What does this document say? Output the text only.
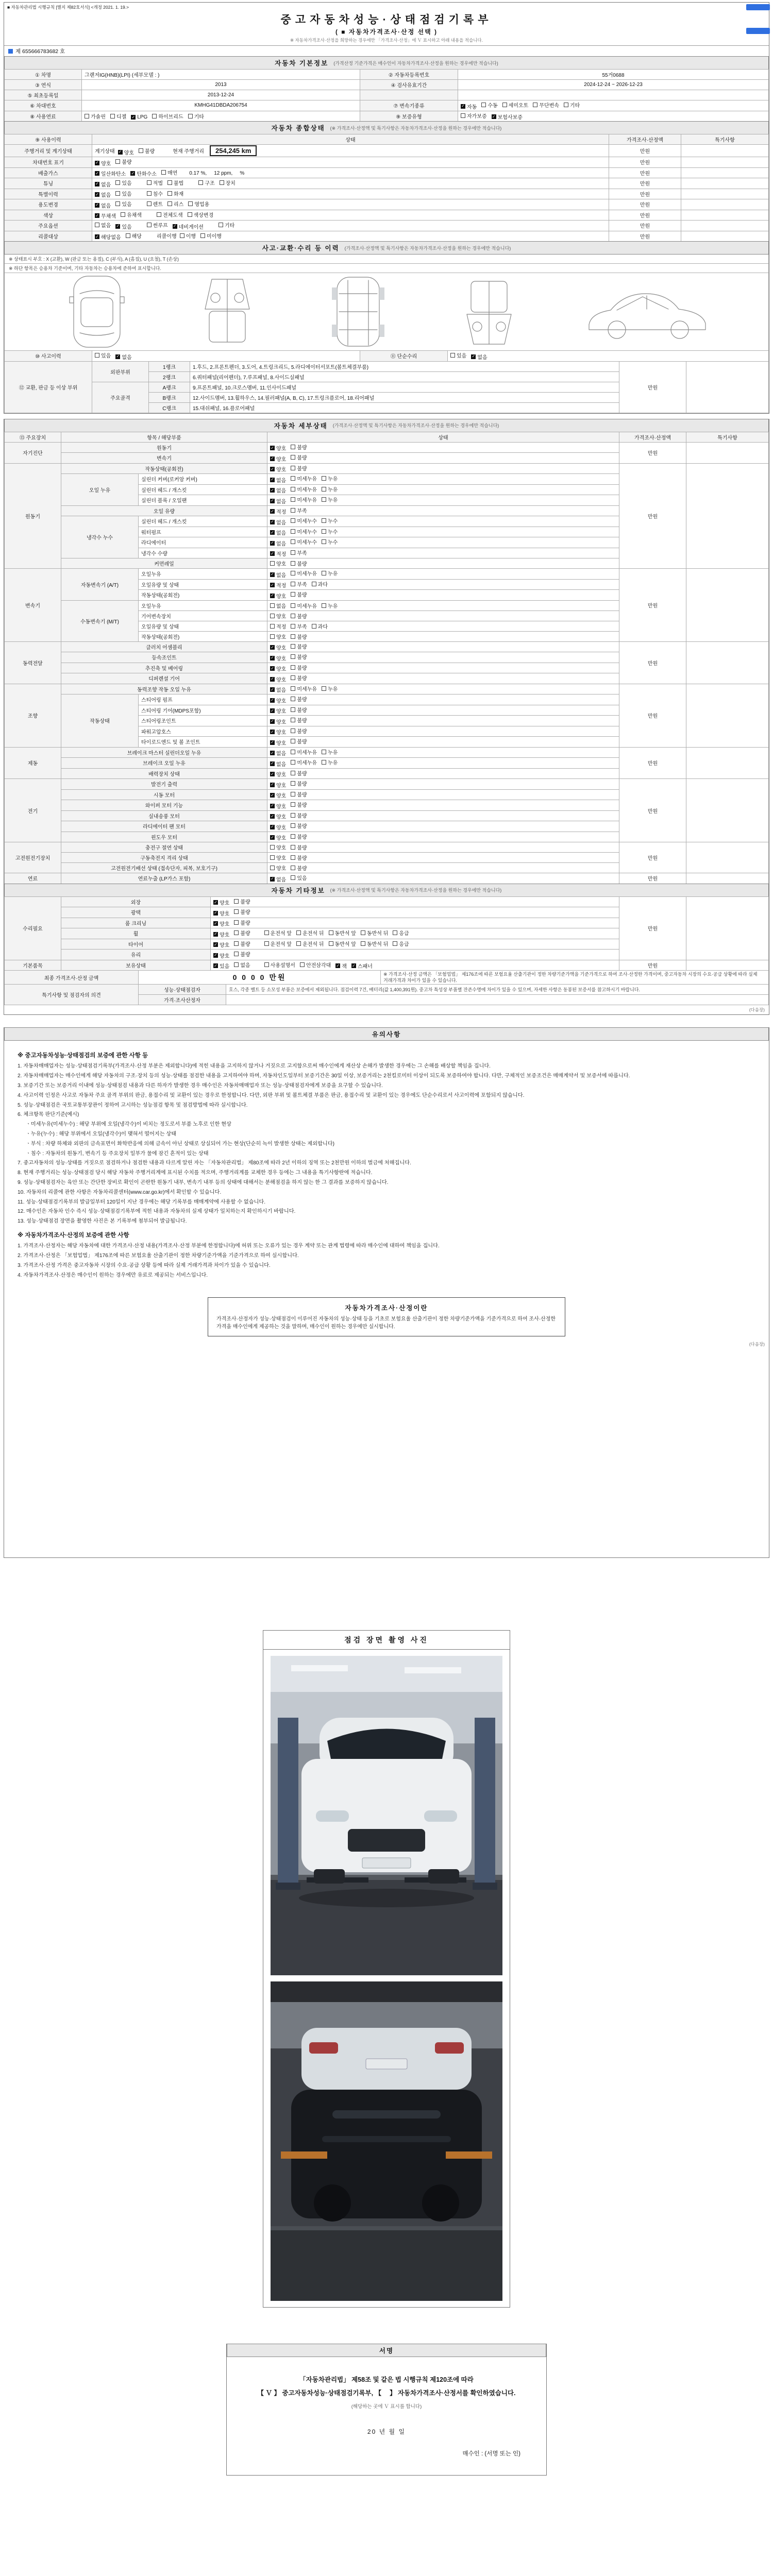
■ 자동차관리법 시행규칙 [별지 제82호서식] <개정 2021. 1. 19.>
중고자동차성능·상태점검기록부
( ■ 자동차가격조사·산정 선택 )
※ 자동차가격조사·산정을 희망하는 경우에만 「가격조사·산정」에 Ｖ 표시하고 아래 내용을 적습니다.
제 655666783682 호
자동차 기본정보 (가격산정 기준가격은 매수인이 자동차가격조사·산정을 원하는 경우에만 적습니다)
① 차명	그랜저IG(HNB)(LPI) (세부모델 : )	② 자동차등록번호	55거0688
③ 연식	2013	④ 검사유효기간	2024-12-24 ~ 2026-12-23
⑤ 최초등록일	2013-12-24		
⑥ 차대번호	KMHG41DBDA206754	⑦ 변속기종류	✓ 자동 수동 세미오토 무단변속 기타

⑧ 사용연료	가솔린 디젤 ✓ LPG 하이브리드 기타	⑨ 보증유형	자가보증 ✓ 보험사보증
자동차 종합상태 (※ 가격조사·산정액 및 특기사항은 자동차가격조사·산정을 원하는 경우에만 적습니다)
⑨ 사용이력	상태	가격조사·산정액	특기사항
주행거리 및 계기상태	계기상태 ✓ 양호 불량 현재 주행거리 254,245 km	만원	
차대번호 표기	✓ 양호 불량	만원	
배출가스	✓ 일산화탄소 ✓ 탄화수소 매연 0.17 %, 12 ppm, %	만원	
튜닝	✓ 없음 있음	적법 불법	구조 장치	만원	
특별이력	✓ 없음 있음 침수 화재	만원	
용도변경	✓ 없음 있음	렌트 리스 영업용	만원	
색상	✓ 무채색 유채색 전체도색 색상변경	만원	
주요옵션	없음 ✓ 있음	썬루프 ✓ 네비게이션	기타	만원	
리콜대상	✓ 해당없음 해당	리콜이행 이행 미이행	만원	
사고·교환·수리 등 이력 (가격조사·산정액 및 특기사항은 자동차가격조사·산정을 원하는 경우에만 적습니다)
※ 상태표시 부호 : X (교환), W (판금 또는 용접), C (부식), A (흠집), U (요철), T (손상)
※ 하단 항목은 승용차 기준이며, 기타 자동차는 승용차에 준하여 표시합니다.
⑩ 사고이력	있음 ✓ 없음	⑪ 단순수리	있음 ✓ 없음
⑫ 교환, 판금 등 이상 부위	외판부위	1랭크	1.후드, 2.프론트펜더, 3.도어, 4.트렁크리드, 5.라디에이터서포트(볼트체결부품)	만원	
		2랭크	6.쿼터패널(리어펜더), 7.루프패널, 8.사이드실패널		
	주요골격	A랭크	9.프론트패널, 10.크로스멤버, 11.인사이드패널		
		B랭크	12.사이드멤버, 13.휠하우스, 14.필러패널(A, B, C), 17.트렁크플로어, 18.리어패널		
		C랭크	15.대쉬패널, 16.플로어패널		
자동차 세부상태 (가격조사·산정액 및 특기사항은 자동차가격조사·산정을 원하는 경우에만 적습니다)
⑬ 주요장치	항목 / 해당부품		상태	가격조사·산정액	특기사항
자기진단	원동기		✓ 양호 불량	만원	
	변속기		✓ 양호 불량		

원동기	작동상태(공회전)		✓ 양호 불량	만원	
	오일 누유	실린더 커버(로커암 커버)	✓ 없음 미세누유 누유		

		실린더 헤드 / 개스킷	✓ 없음 미세누유 누유		

		실린더 블록 / 오일팬	✓ 없음 미세누유 누유		

	오일 유량		✓ 적정 부족		

	냉각수 누수	실린더 헤드 / 개스킷	✓ 없음 미세누수 누수		

		워터펌프	✓ 없음 미세누수 누수		

		라디에이터	✓ 없음 미세누수 누수		

		냉각수 수량	✓ 적정 부족		

	커먼레일		양호 불량		

변속기	자동변속기 (A/T)	오일누유	✓ 없음 미세누유 누유	만원	
		오일유량 및 상태	✓ 적정 부족 과다		

		작동상태(공회전)	✓ 양호 불량		

	수동변속기 (M/T)	오일누유	없음 미세누유 누유		

		기어변속장치	양호 불량		

		오일유량 및 상태	적정 부족 과다		

		작동상태(공회전)	양호 불량		

동력전달	클러치 어셈블리		✓ 양호 불량	만원	
	등속조인트		✓ 양호 불량		

	추진축 및 베어링		✓ 양호 불량		

	디퍼렌셜 기어		✓ 양호 불량		

조향	동력조향 작동 오일 누유		✓ 없음 미세누유 누유	만원	
	작동상태	스티어링 펌프	✓ 양호 불량		

		스티어링 기어(MDPS포함)	✓ 양호 불량		

		스티어링조인트	✓ 양호 불량		

		파워고압호스	✓ 양호 불량		

		타이로드엔드 및 볼 조인트	✓ 양호 불량		

제동	브레이크 마스터 실린더오일 누유		✓ 없음 미세누유 누유	만원	
	브레이크 오일 누유		✓ 없음 미세누유 누유		

	배력장치 상태		✓ 양호 불량		

전기	발전기 출력		✓ 양호 불량	만원	
	시동 모터		✓ 양호 불량		

	와이퍼 모터 기능		✓ 양호 불량		

	실내송풍 모터		✓ 양호 불량		

	라디에이터 팬 모터		✓ 양호 불량		

	윈도우 모터		✓ 양호 불량		

고전원전기장치	충전구 절연 상태		양호 불량	만원	
	구동축전지 격리 상태		양호 불량		

	고전원전기배선 상태 (접속단자, 피복, 보호기구)		양호 불량		

연료	연료누출 (LP가스 포함)		✓ 없음 있음	만원	
자동차 기타정보 (※ 가격조사·산정액 및 특기사항은 자동차가격조사·산정을 원하는 경우에만 적습니다)
수리필요	외장	✓ 양호 불량	만원	
	광택	✓ 양호 불량		

	룸 크리닝	✓ 양호 불량		

휠	✓ 양호 불량	운전석 앞 운전석 뒤 동반석 앞 동반석 뒤 응급

타이어	✓ 양호 불량	운전석 앞 운전석 뒤 동반석 앞 동반석 뒤 응급

	유리	✓ 양호 불량		

기본품목	보유상태	✓ 있음 없음	사용설명서 안전삼각대 ✓ 잭 ✓ 스패너	만원	
최종 가격조사·산정 금액	0 0 0 0 만원		※ 가격조사·산정 금액은 「보험업법」 제176조에 따른 보험요율 산출기관이 정한 차량기준가액을 기준가격으로 하여 조사·산정한 가격이며, 중고자동차 시장의 수요·공급 상황에 따라 실제 거래가격과 차이가 있을 수 있습니다.
특기사항 및 점검자의 의견	성능·상태점검자	호스, 각종 벨트 등 소모성 부품은 보증에서 제외됩니다. 점검이력 7건, 배터리(값 1,400,391원). 중고차 특성상 부품별 잔존수명에 차이가 있을 수 있으며, 자세한 사항은 동봉된 보증서를 참고하시기 바랍니다.	
	가격·조사산정자		
(다음장)
유의사항
※ 중고자동차성능·상태점검의 보증에 관한 사항 등
1. 자동차매매업자는 성능·상태점검기록부(가격조사·산정 부분은 제외합니다)에 적힌 내용을 고지하지 않거나 거짓으로 고지함으로써 매수인에게 재산상 손해가 발생한 경우에는 그 손해를 배상할 책임을 집니다.
2. 자동차매매업자는 매수인에게 해당 자동차의 구조·장치 등의 성능·상태를 점검한 내용을 고지하여야 하며, 자동차인도일부터 보증기간은 30일 이상, 보증거리는 2천킬로미터 이상이 되도록 보증하여야 합니다. 다만, 구체적인 보증조건은 매매계약서 및 보증서에 따릅니다.
3. 보증기간 또는 보증거리 이내에 성능·상태점검 내용과 다른 하자가 발생한 경우 매수인은 자동차매매업자 또는 성능·상태점검자에게 보증을 요구할 수 있습니다.
4. 사고이력 인정은 사고로 자동차 주요 골격 부위의 판금, 용접수리 및 교환이 있는 경우로 한정합니다. 다만, 외판 부위 및 볼트체결 부품은 판금, 용접수리 및 교환이 있는 경우에도 단순수리로서 사고이력에 포함되지 않습니다.
5. 성능·상태점검은 국토교통부장관이 정하여 고시하는 성능점검 항목 및 점검방법에 따라 실시합니다.
6. 체크항목 판단기준(예시)
ㆍ미세누유(미세누수) : 해당 부위에 오일(냉각수)이 비치는 정도로서 부품 노후로 인한 현상
ㆍ누유(누수) : 해당 부위에서 오일(냉각수)이 맺혀서 떨어지는 상태
ㆍ부식 : 차량 하체와 외판의 금속표면이 화학반응에 의해 금속이 아닌 상태로 상실되어 가는 현상(단순히 녹이 발생한 상태는 제외합니다)
ㆍ침수 : 자동차의 원동기, 변속기 등 주요장치 일부가 물에 잠긴 흔적이 있는 상태
7. 중고자동차의 성능·상태를 거짓으로 점검하거나 점검한 내용과 다르게 알린 자는 「자동차관리법」 제80조에 따라 2년 이하의 징역 또는 2천만원 이하의 벌금에 처해집니다.
8. 현재 주행거리는 성능·상태점검 당시 해당 자동차 주행거리계에 표시된 수치를 적으며, 주행거리계를 교체한 경우 등에는 그 내용을 특기사항란에 적습니다.
9. 성능·상태점검자는 육안 또는 간단한 장비로 확인이 곤란한 원동기 내부, 변속기 내부 등의 상태에 대해서는 분해점검을 하지 않는 한 그 결과를 보증하지 않습니다.
10. 자동차의 리콜에 관한 사항은 자동차리콜센터(www.car.go.kr)에서 확인할 수 있습니다.
11. 성능·상태점검기록부의 발급일부터 120일이 지난 경우에는 해당 기록부를 매매계약에 사용할 수 없습니다.
12. 매수인은 자동차 인수 즉시 성능·상태점검기록부에 적힌 내용과 자동차의 실제 상태가 일치하는지 확인하시기 바랍니다.
13. 성능·상태점검 장면을 촬영한 사진은 본 기록부에 첨부되어 발급됩니다.
※ 자동차가격조사·산정의 보증에 관한 사항
1. 가격조사·산정자는 해당 자동차에 대한 가격조사·산정 내용(가격조사·산정 부분에 한정합니다)에 허위 또는 오류가 있는 경우 계약 또는 관계 법령에 따라 매수인에 대하여 책임을 집니다.
2. 가격조사·산정은 「보험업법」 제176조에 따른 보험요율 산출기관이 정한 차량기준가액을 기준가격으로 하여 실시합니다.
3. 가격조사·산정 가격은 중고자동차 시장의 수요·공급 상황 등에 따라 실제 거래가격과 차이가 있을 수 있습니다.
4. 자동차가격조사·산정은 매수인이 원하는 경우에만 유료로 제공되는 서비스입니다.
자동차가격조사·산정이란
가격조사·산정자가 성능·상태점검이 이루어진 자동차의 성능·상태 등을 기초로 보험요율 산출기관이 정한 차량기준가액을 기준가격으로 하여 조사·산정한 가격을 매수인에게 제공하는 것을 말하며, 매수인이 원하는 경우에만 실시합니다.
(다음장)
점검 장면 촬영 사진
서명
「자동차관리법」 제58조 및 같은 법 시행규칙 제120조에 따라
【 Ｖ 】 중고자동차성능·상태점검기록부, 【　 】 자동차가격조사·산정서를 확인하였습니다.
(해당하는 곳에 Ｖ 표시를 합니다)
20 년 월 일
매수인 : (서명 또는 인)
